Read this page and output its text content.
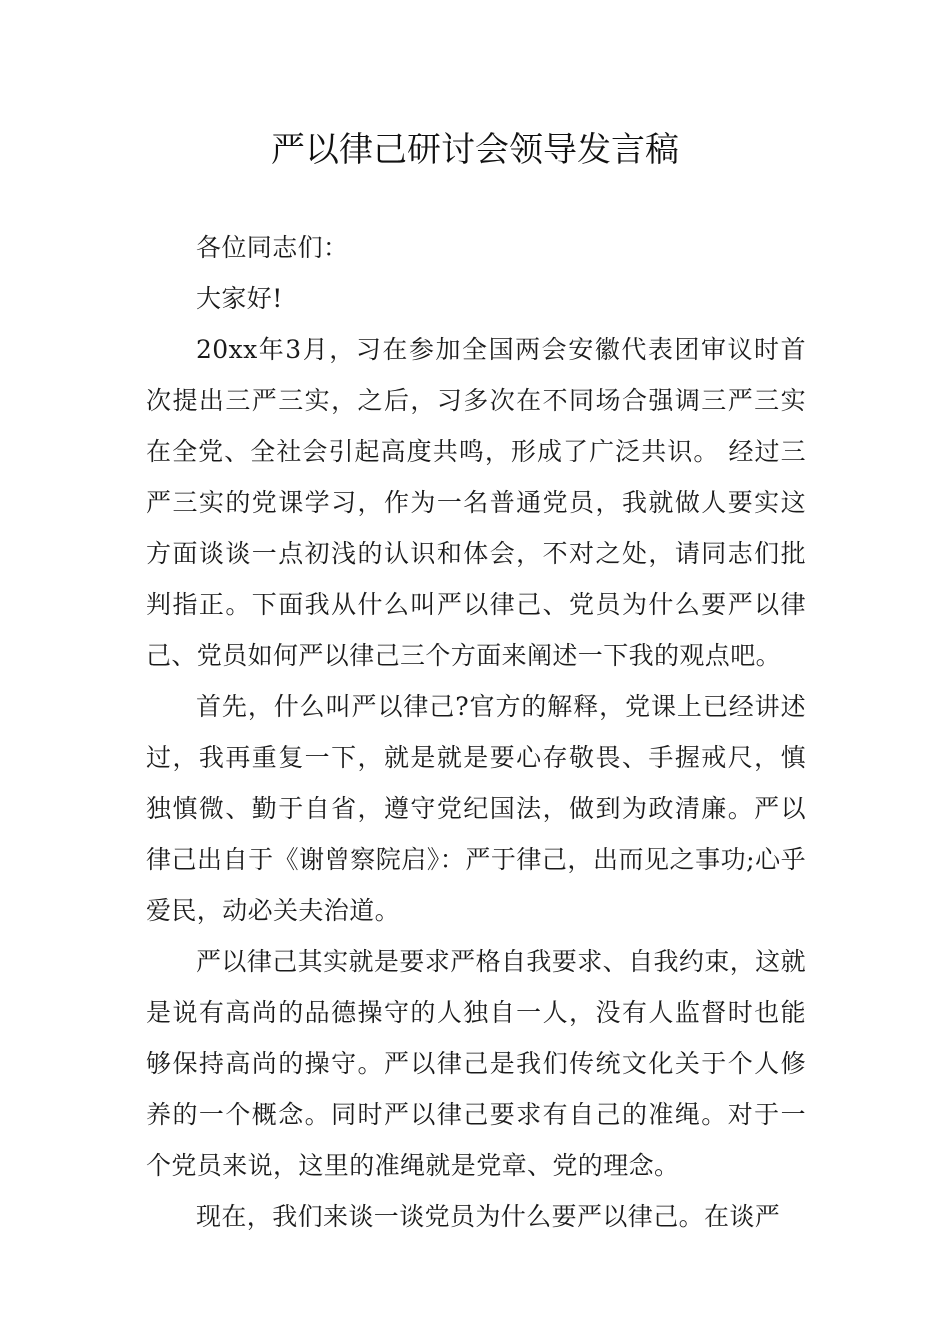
严以律己研讨会领导发言稿

各位同志们：

大家好!

20xx年3月，习在参加全国两会安徽代表团审议时首次提出三严三实，之后，习多次在不同场合强调三严三实在全党、全社会引起高度共鸣，形成了广泛共识。 经过三严三实的党课学习，作为一名普通党员，我就做人要实这方面谈谈一点初浅的认识和体会，不对之处，请同志们批判指正。下面我从什么叫严以律己、党员为什么要严以律己、党员如何严以律己三个方面来阐述一下我的观点吧。

首先，什么叫严以律己?官方的解释，党课上已经讲述过，我再重复一下，就是就是要心存敬畏、手握戒尺，慎独慎微、勤于自省，遵守党纪国法，做到为政清廉。严以律己出自于《谢曾察院启》：严于律己，出而见之事功;心乎爱民，动必关夫治道。

严以律己其实就是要求严格自我要求、自我约束，这就是说有高尚的品德操守的人独自一人，没有人监督时也能够保持高尚的操守。严以律己是我们传统文化关于个人修养的一个概念。同时严以律己要求有自己的准绳。对于一个党员来说，这里的准绳就是党章、党的理念。

现在，我们来谈一谈党员为什么要严以律己。在谈严
